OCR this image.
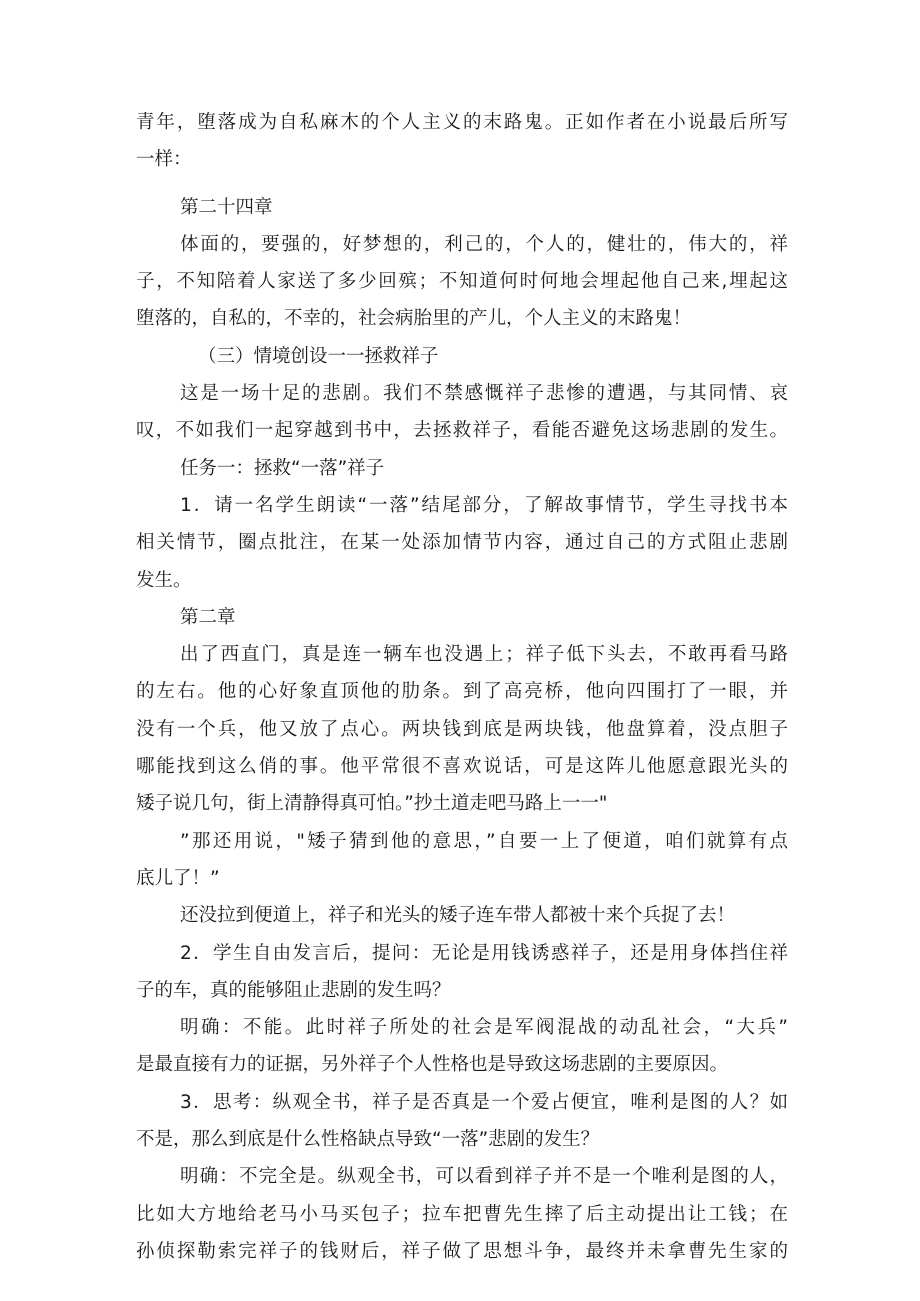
青年，堕落成为自私麻木的个人主义的末路鬼。正如作者在小说最后所写
一样：
第二十四章
体面的，要强的，好梦想的，利己的，个人的，健壮的，伟大的，祥
子，不知陪着人家送了多少回殡；不知道何时何地会埋起他自己来,埋起这
堕落的，自私的，不幸的，社会病胎里的产儿，个人主义的末路鬼！
（三）情境创设一一拯救祥子
这是一场十足的悲剧。我们不禁感慨祥子悲惨的遭遇，与其同情、哀
叹，不如我们一起穿越到书中，去拯救祥子，看能否避免这场悲剧的发生。
任务一：拯救“一落”祥子
1．请一名学生朗读“一落”结尾部分，了解故事情节，学生寻找书本
相关情节，圈点批注，在某一处添加情节内容，通过自己的方式阻止悲剧
发生。
第二章
出了西直门，真是连一辆车也没遇上；祥子低下头去，不敢再看马路
的左右。他的心好象直顶他的肋条。到了高亮桥，他向四围打了一眼，并
没有一个兵，他又放了点心。两块钱到底是两块钱，他盘算着，没点胆子
哪能找到这么俏的事。他平常很不喜欢说话，可是这阵儿他愿意跟光头的
矮子说几句，街上清静得真可怕。”抄土道走吧马路上一一"
”那还用说，"矮子猜到他的意思，”自要一上了便道，咱们就算有点
底儿了！”
还没拉到便道上，祥子和光头的矮子连车带人都被十来个兵捉了去！
2．学生自由发言后，提问：无论是用钱诱惑祥子，还是用身体挡住祥
子的车，真的能够阻止悲剧的发生吗？
明确：不能。此时祥子所处的社会是军阀混战的动乱社会，“大兵”
是最直接有力的证据，另外祥子个人性格也是导致这场悲剧的主要原因。
3．思考：纵观全书，祥子是否真是一个爱占便宜，唯利是图的人？如
不是，那么到底是什么性格缺点导致“一落”悲剧的发生？
明确：不完全是。纵观全书，可以看到祥子并不是一个唯利是图的人，
比如大方地给老马小马买包子；拉车把曹先生摔了后主动提出让工钱；在
孙侦探勒索完祥子的钱财后，祥子做了思想斗争，最终并未拿曹先生家的
